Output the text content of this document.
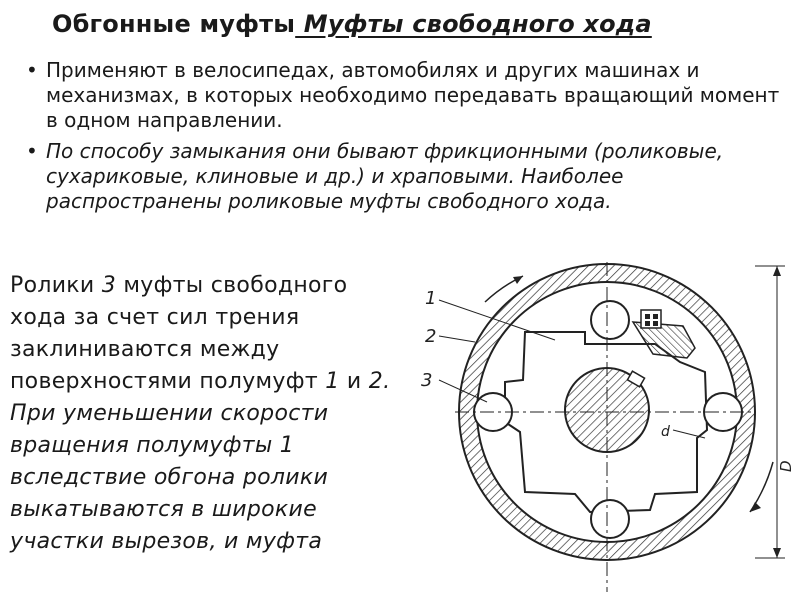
Обгонные муфты Муфты свободного хода
• Применяют в велосипедах, автомобилях и других машинах и механизмах, в которых необходимо передавать вращающий момент в одном направлении.
• По способу замыкания они бывают фрикционными (роликовые, сухариковые, клиновые и др.) и храповыми. Наиболее распространены роликовые муфты свободного хода.
Ролики 3 муфты свободного хода за счет сил трения заклиниваются между поверхностями полумуфт 1 и 2. При уменьшении скорости вращения полумуфты 1 вследствие обгона ролики выкатываются в широкие участки вырезов, и муфта
1
2
3
d
D
